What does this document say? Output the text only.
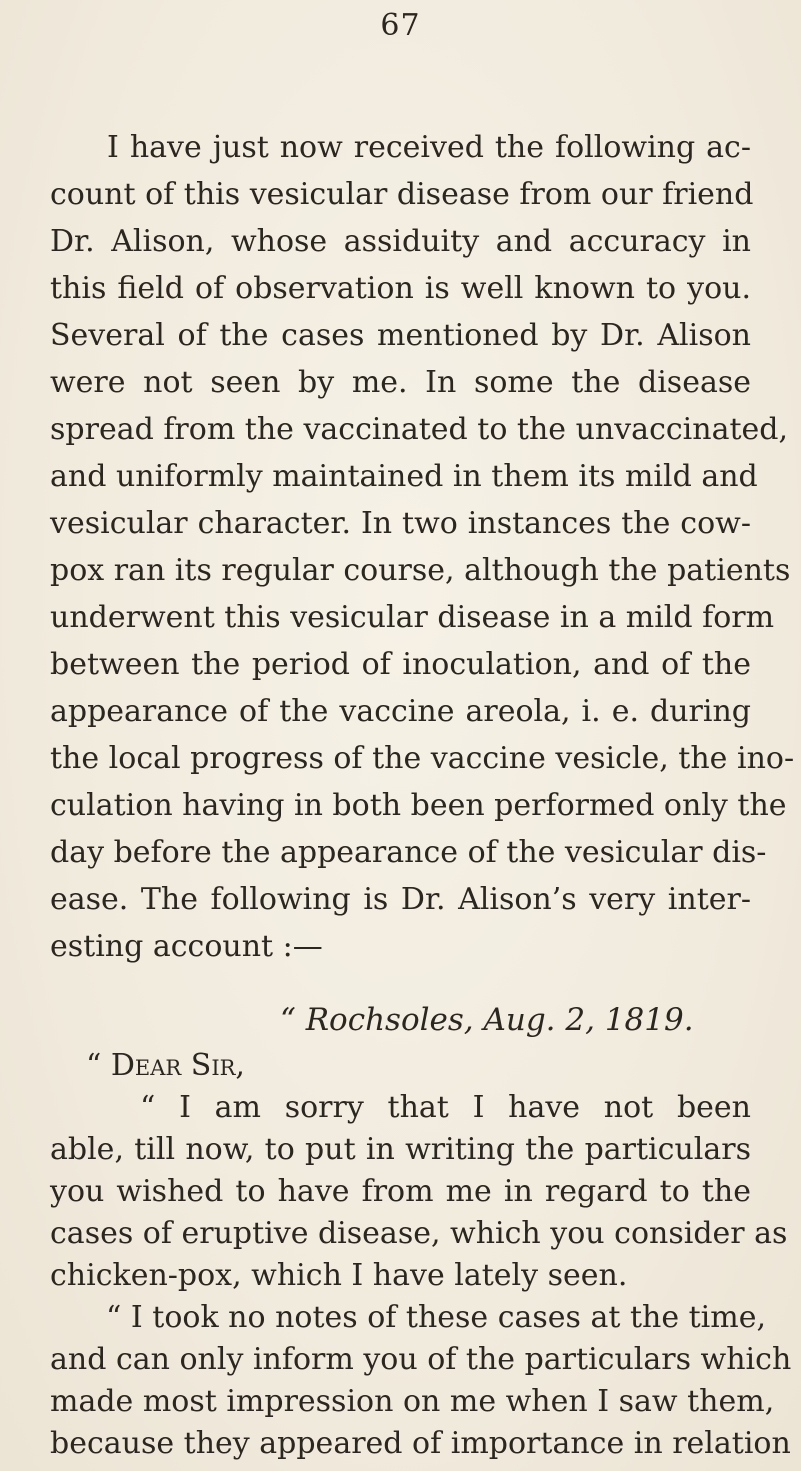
67
I have just now received the following ac-
count of this vesicular disease from our friend
Dr. Alison, whose assiduity and accuracy in
this field of observation is well known to you.
Several of the cases mentioned by Dr. Alison
were not seen by me. In some the disease
spread from the vaccinated to the unvaccinated,
and uniformly maintained in them its mild and
vesicular character. In two instances the cow-
pox ran its regular course, although the patients
underwent this vesicular disease in a mild form
between the period of inoculation, and of the
appearance of the vaccine areola, i. e. during
the local progress of the vaccine vesicle, the ino-
culation having in both been performed only the
day before the appearance of the vesicular dis-
ease. The following is Dr. Alison’s very inter-
esting account :—
“ Rochsoles, Aug. 2, 1819.
“ Dear Sir,
“ I am sorry that I have not been
able, till now, to put in writing the particulars
you wished to have from me in regard to the
cases of eruptive disease, which you consider as
chicken-pox, which I have lately seen.
“ I took no notes of these cases at the time,
and can only inform you of the particulars which
made most impression on me when I saw them,
because they appeared of importance in relation
